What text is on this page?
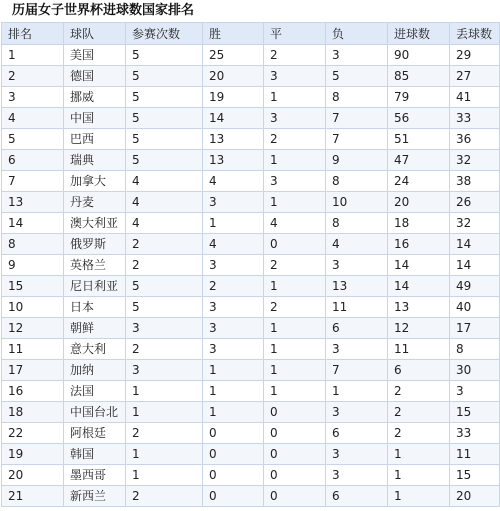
历届女子世界杯进球数国家排名
排名	球队	参赛次数	胜	平	负	进球数	丢球数
1	美国	5	25	2	3	90	29
2	德国	5	20	3	5	85	27
3	挪威	5	19	1	8	79	41
4	中国	5	14	3	7	56	33
5	巴西	5	13	2	7	51	36
6	瑞典	5	13	1	9	47	32
7	加拿大	4	4	3	8	24	38
13	丹麦	4	3	1	10	20	26
14	澳大利亚	4	1	4	8	18	32
8	俄罗斯	2	4	0	4	16	14
9	英格兰	2	3	2	3	14	14
15	尼日利亚	5	2	1	13	14	49
10	日本	5	3	2	11	13	40
12	朝鲜	3	3	1	6	12	17
11	意大利	2	3	1	3	11	8
17	加纳	3	1	1	7	6	30
16	法国	1	1	1	1	2	3
18	中国台北	1	1	0	3	2	15
22	阿根廷	2	0	0	6	2	33
19	韩国	1	0	0	3	1	11
20	墨西哥	1	0	0	3	1	15
21	新西兰	2	0	0	6	1	20
